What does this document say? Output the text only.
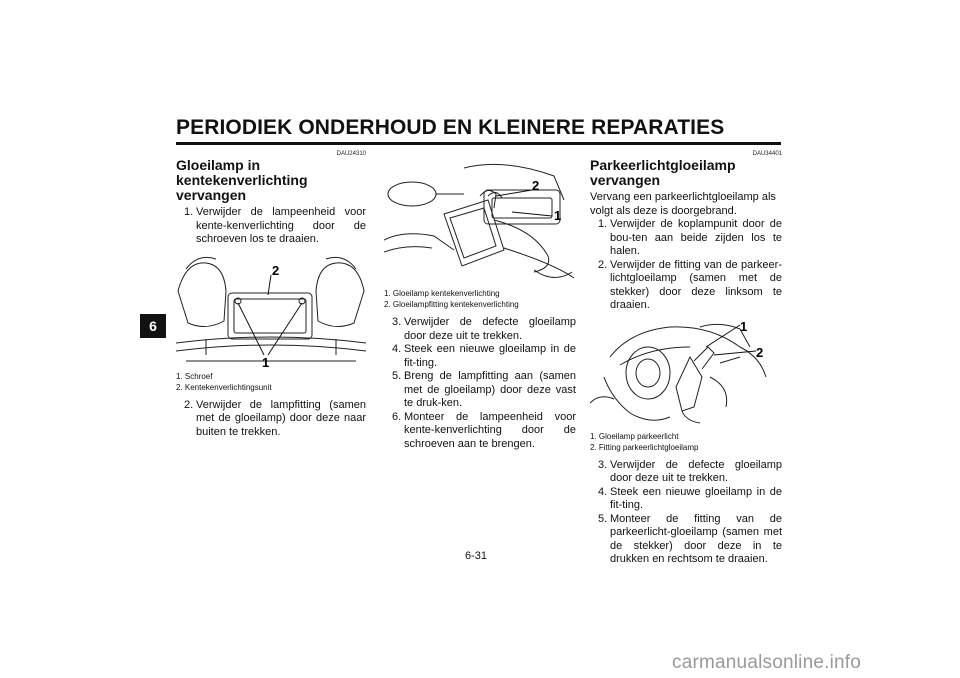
PERIODIEK ONDERHOUD EN KLEINERE REPARATIES
6
DAU24310
Gloeilamp in kentekenverlichting
vervangen
1. Verwijder de lampeenheid voor kente-kenverlichting door de schroeven los te draaien.
2
1
1. Schroef
2. Kentekenverlichtingsunit
2. Verwijder de lampfitting (samen met de gloeilamp) door deze naar buiten te trekken.
2
1
1. Gloeilamp kentekenverlichting
2. Gloeilampfitting kentekenverlichting
3. Verwijder de defecte gloeilamp door deze uit te trekken.
4. Steek een nieuwe gloeilamp in de fit-ting.
5. Breng de lampfitting aan (samen met de gloeilamp) door deze vast te druk-ken.
6. Monteer de lampeenheid voor kente-kenverlichting door de schroeven aan te brengen.
DAU34401
Parkeerlichtgloeilamp vervangen
Vervang een parkeerlichtgloeilamp als volgt als deze is doorgebrand.
1. Verwijder de koplampunit door de bou-ten aan beide zijden los te halen.
2. Verwijder de fitting van de parkeer-lichtgloeilamp (samen met de stekker) door deze linksom te draaien.
1
2
1. Gloeilamp parkeerlicht
2. Fitting parkeerlichtgloeilamp
3. Verwijder de defecte gloeilamp door deze uit te trekken.
4. Steek een nieuwe gloeilamp in de fit-ting.
5. Monteer de fitting van de parkeerlicht-gloeilamp (samen met de stekker) door deze in te drukken en rechtsom te draaien.
6-31
carmanualsonline.info
